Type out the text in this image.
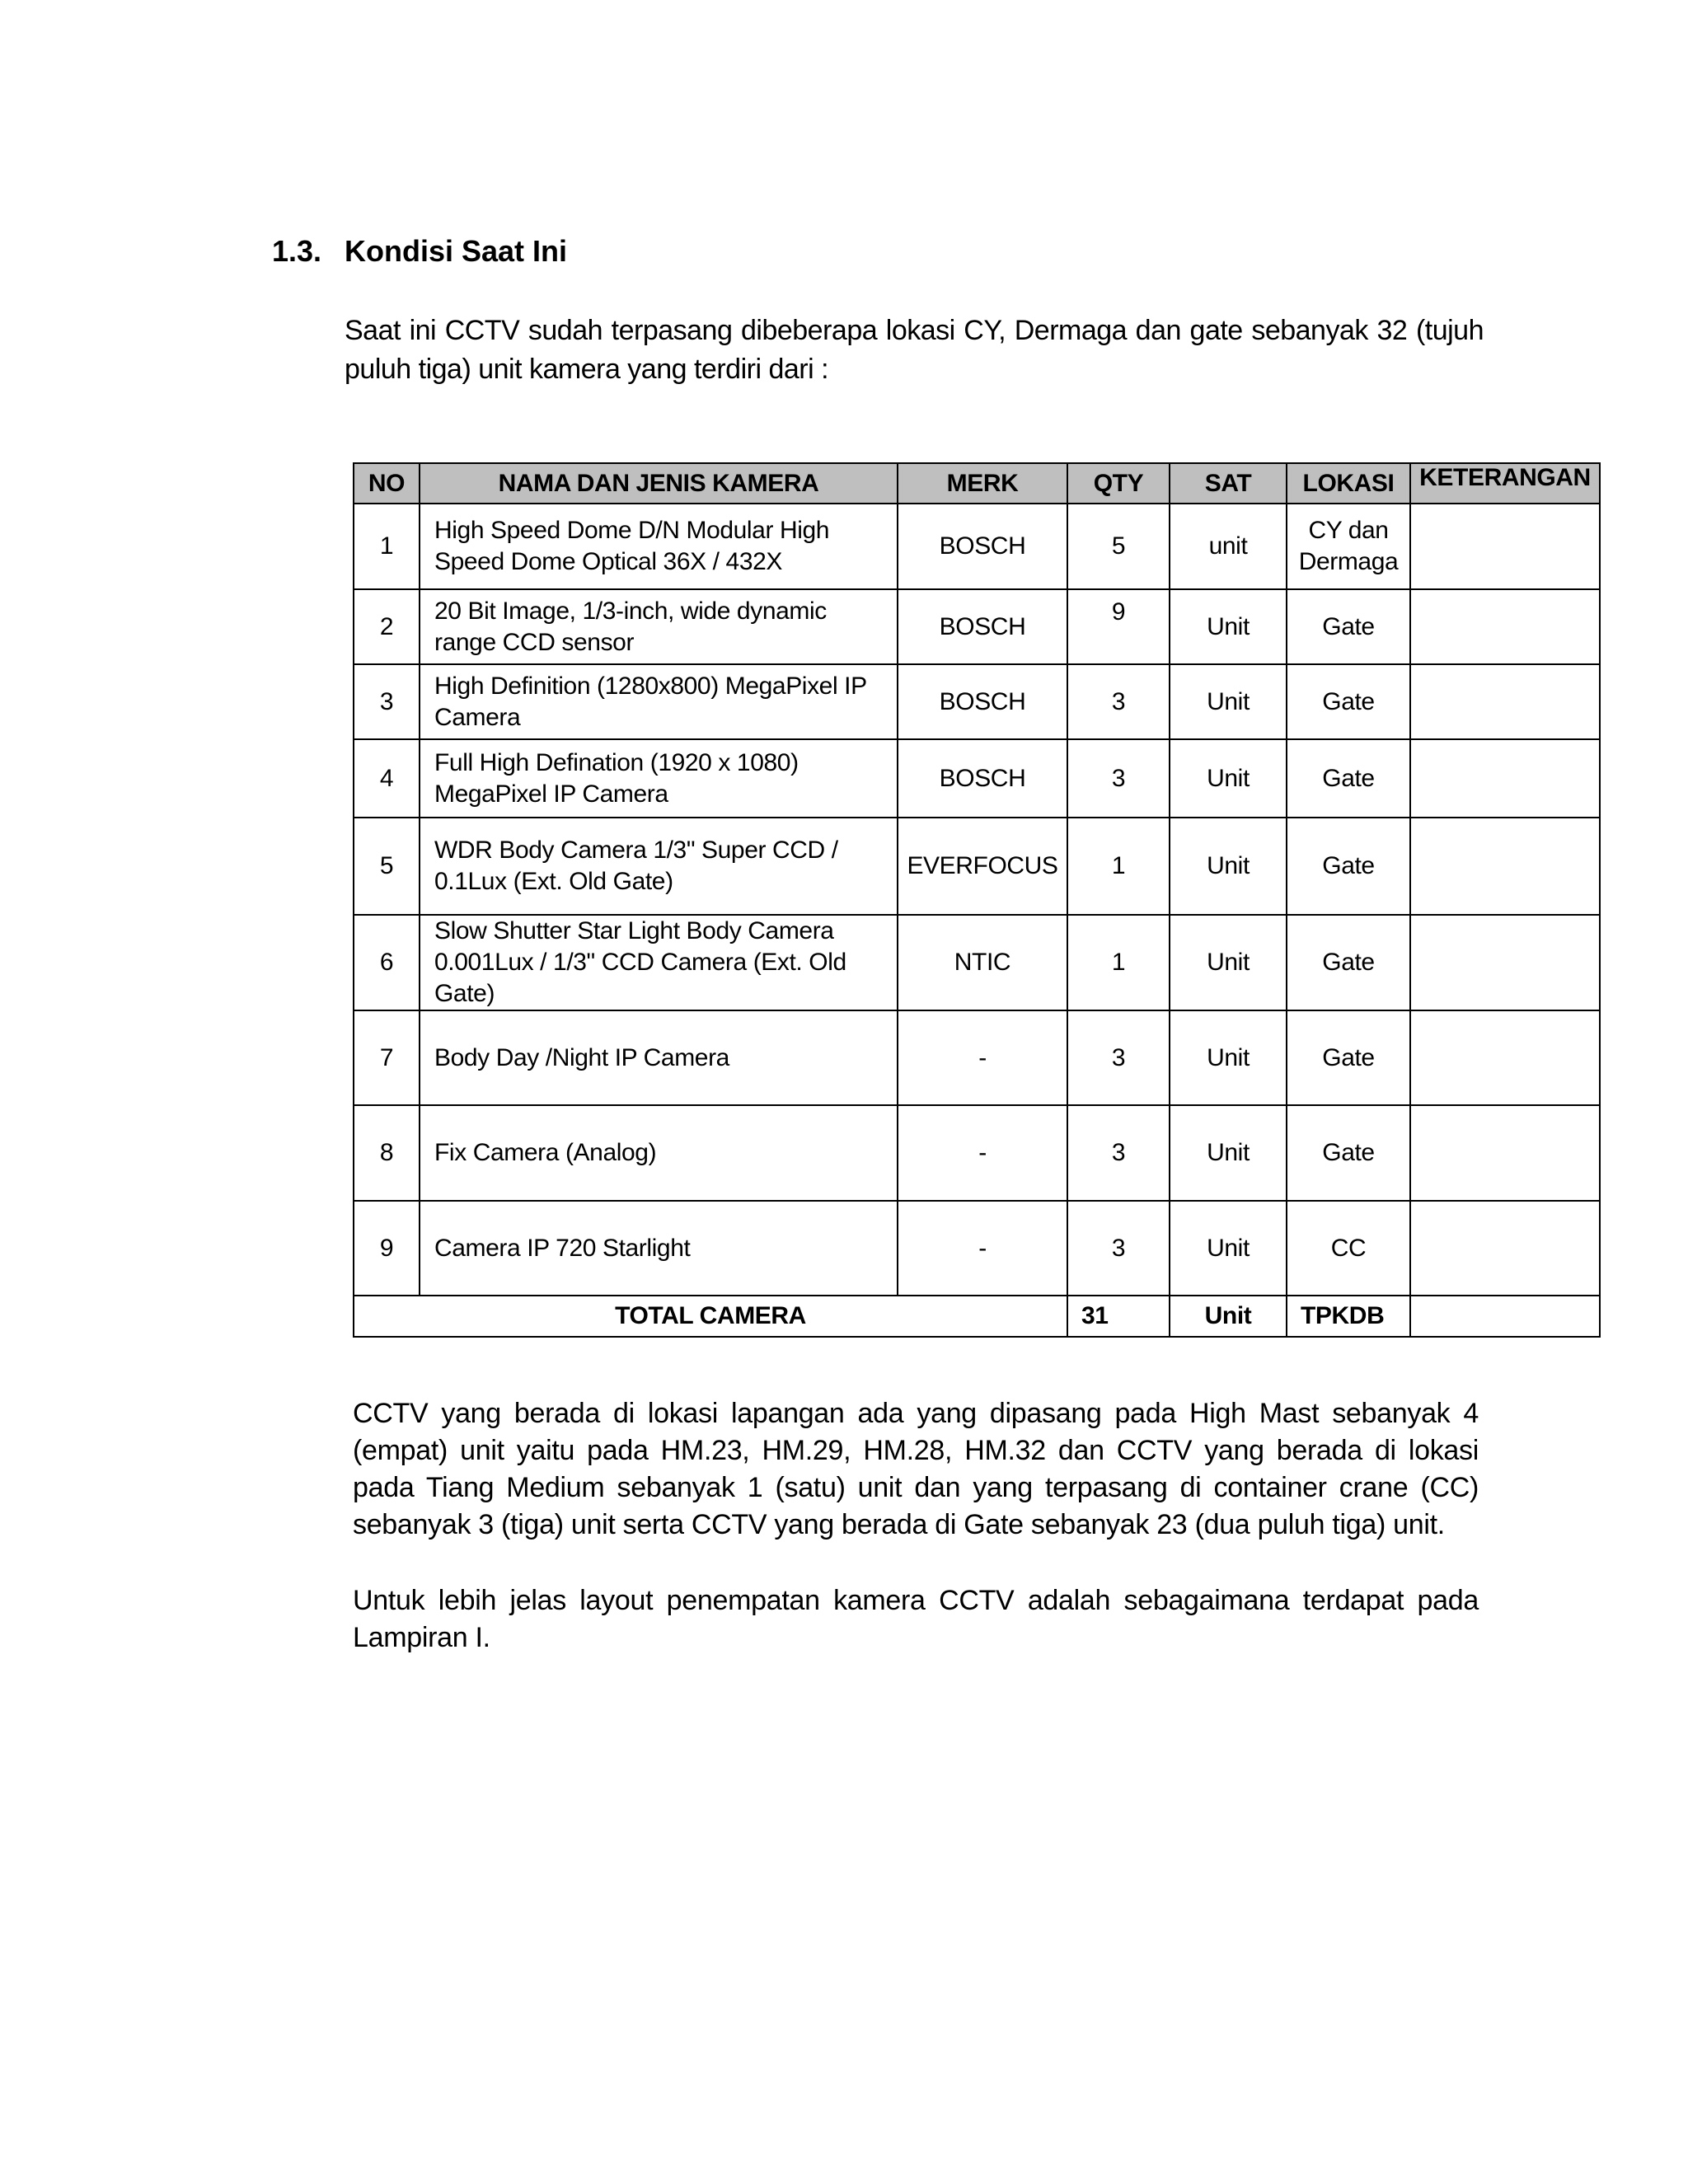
1.3. Kondisi Saat Ini
Saat ini CCTV sudah terpasang dibeberapa lokasi CY, Dermaga dan gate sebanyak 32 (tujuh puluh tiga) unit kamera yang terdiri dari :
NO	NAMA DAN JENIS KAMERA	MERK	QTY	SAT	LOKASI	KETERANGAN
1	High Speed Dome D/N Modular High Speed Dome Optical 36X / 432X	BOSCH	5	unit	CY dan Dermaga	
2	20 Bit Image, 1/3-inch, wide dynamic range CCD sensor	BOSCH	9	Unit	Gate	
3	High Definition (1280x800) MegaPixel IP Camera	BOSCH	3	Unit	Gate	
4	Full High Defination (1920 x 1080) MegaPixel IP Camera	BOSCH	3	Unit	Gate	
5	WDR Body Camera 1/3" Super CCD / 0.1Lux (Ext. Old Gate)	EVERFOCUS	1	Unit	Gate	
6	Slow Shutter Star Light Body Camera 0.001Lux / 1/3" CCD Camera (Ext. Old Gate)	NTIC	1	Unit	Gate	
7	Body Day /Night IP Camera	-	3	Unit	Gate	
8	Fix Camera (Analog)	-	3	Unit	Gate	
9	Camera IP 720 Starlight	-	3	Unit	CC	
TOTAL CAMERA			31	Unit	TPKDB	
CCTV yang berada di lokasi lapangan ada yang dipasang pada High Mast sebanyak 4 (empat) unit yaitu pada HM.23, HM.29, HM.28, HM.32 dan CCTV yang berada di lokasi pada Tiang Medium sebanyak 1 (satu) unit dan yang terpasang di container crane (CC) sebanyak 3 (tiga) unit serta CCTV yang berada di Gate sebanyak 23 (dua puluh tiga) unit.
Untuk lebih jelas layout penempatan kamera CCTV adalah sebagaimana terdapat pada Lampiran I.
